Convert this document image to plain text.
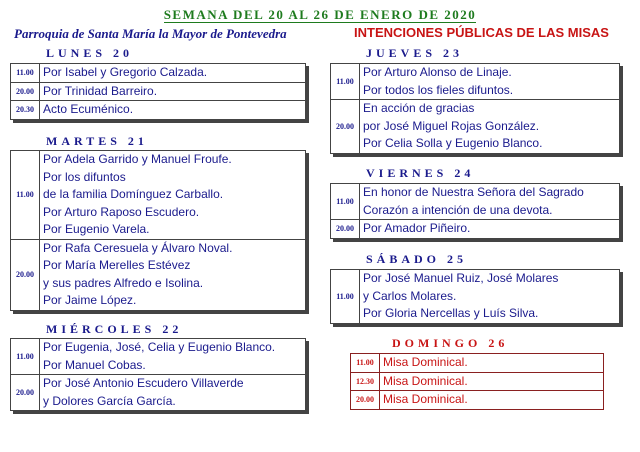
SEMANA DEL 20 AL 26 DE ENERO DE 2020
Parroquia de Santa María la Mayor de Pontevedra	INTENCIONES PÚBLICAS DE LAS MISAS
LUNES 20
11.00	Por Isabel y Gregorio Calzada.

20.00	Por Trinidad Barreiro.

20.30	Acto Ecuménico.
MARTES 21
11.00	Por Adela Garrido y Manuel Froufe.
Por los difuntos
de la familia Domínguez Carballo.
Por Arturo Raposo Escudero.
Por Eugenio Varela.

20.00	Por Rafa Ceresuela y Álvaro Noval.
Por María Merelles Estévez
y sus padres Alfredo e Isolina.
Por Jaime López.
MIÉRCOLES 22
11.00	Por Eugenia, José, Celia y Eugenio Blanco.
Por Manuel Cobas.

20.00	Por José Antonio Escudero Villaverde
y Dolores García García.
JUEVES 23
11.00	Por Arturo Alonso de Linaje.
Por todos los fieles difuntos.

20.00	En acción de gracias
por José Miguel Rojas González.
Por Celia Solla y Eugenio Blanco.
VIERNES 24
11.00	En honor de Nuestra Señora del Sagrado
Corazón a intención de una devota.

20.00	Por Amador Piñeiro.
SÁBADO 25
11.00	
Por José Manuel Ruiz, José Molares
y Carlos Molares.
Por Gloria Nercellas y Luís Silva.
DOMINGO 26
11.00	Misa Dominical.

12.30	Misa Dominical.

20.00	Misa Dominical.
